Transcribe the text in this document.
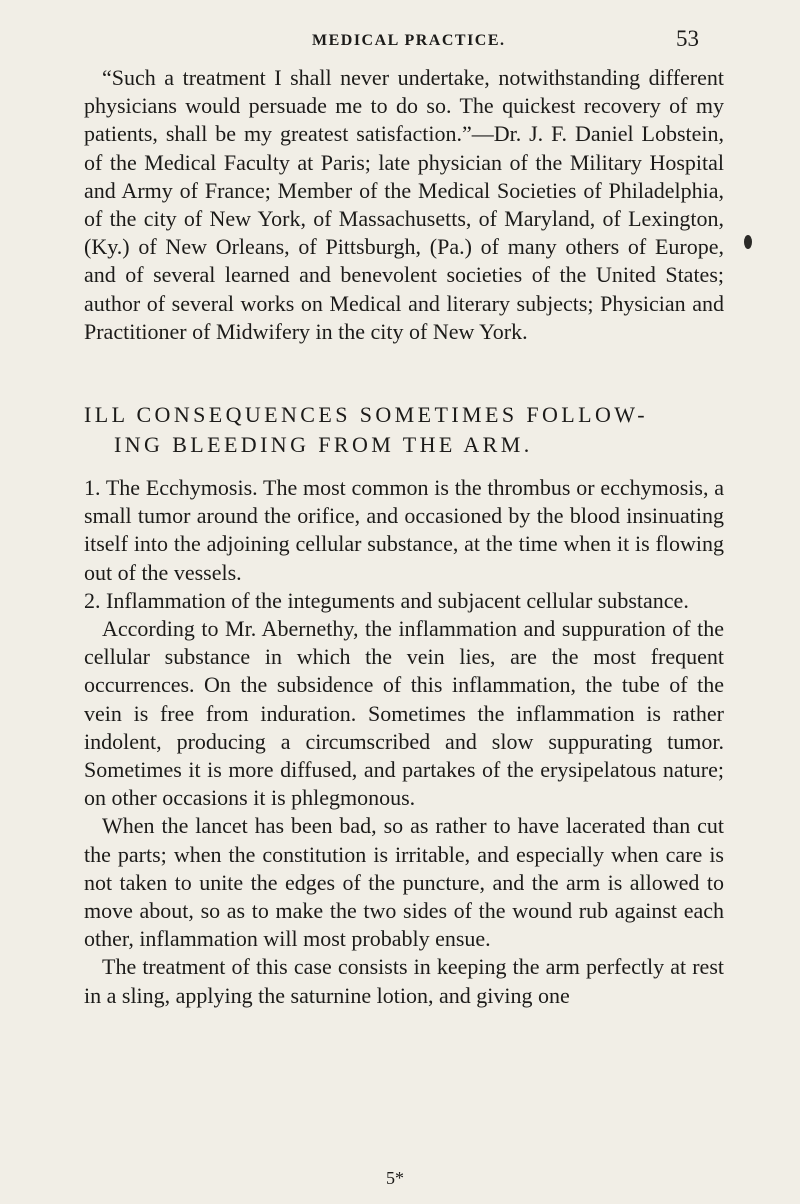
MEDICAL PRACTICE.	53

“Such a treatment I shall never undertake, notwithstanding different physicians would persuade me to do so. The quickest recovery of my patients, shall be my greatest satisfaction.”—Dr. J. F. Daniel Lobstein, of the Medical Faculty at Paris; late physician of the Military Hospital and Army of France; Member of the Medical Societies of Philadelphia, of the city of New York, of Massachusetts, of Maryland, of Lexington, (Ky.) of New Orleans, of Pittsburgh, (Pa.) of many others of Europe, and of several learned and benevolent societies of the United States; author of several works on Medical and literary subjects; Physician and Practitioner of Midwifery in the city of New York.

ILL CONSEQUENCES SOMETIMES FOLLOW-
ING BLEEDING FROM THE ARM.

1. The Ecchymosis. The most common is the thrombus or ecchymosis, a small tumor around the orifice, and occasioned by the blood insinuating itself into the adjoining cellular substance, at the time when it is flowing out of the vessels.

2. Inflammation of the integuments and subjacent cellular substance.

According to Mr. Abernethy, the inflammation and suppuration of the cellular substance in which the vein lies, are the most frequent occurrences. On the subsidence of this inflammation, the tube of the vein is free from induration. Sometimes the inflammation is rather indolent, producing a circumscribed and slow suppurating tumor. Sometimes it is more diffused, and partakes of the erysipelatous nature; on other occasions it is phlegmonous.

When the lancet has been bad, so as rather to have lacerated than cut the parts; when the constitution is irritable, and especially when care is not taken to unite the edges of the puncture, and the arm is allowed to move about, so as to make the two sides of the wound rub against each other, inflammation will most probably ensue.

The treatment of this case consists in keeping the arm perfectly at rest in a sling, applying the saturnine lotion, and giving one

5*
